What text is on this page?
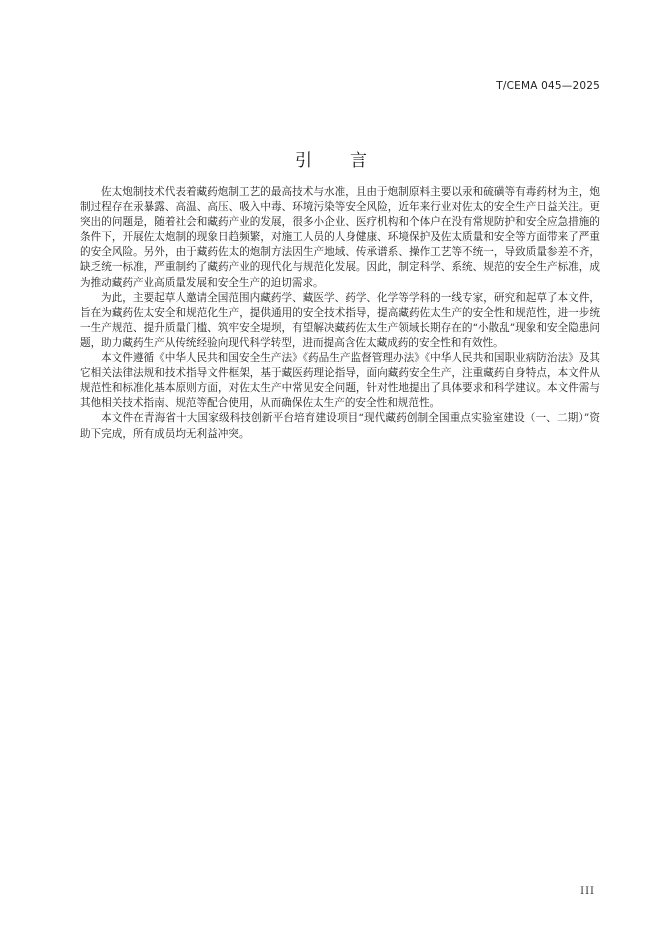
T/CEMA 045—2025
引言

佐太炮制技术代表着藏药炮制工艺的最高技术与水准，且由于炮制原料主要以汞和硫磺等有毒药材为主，炮制过程存在汞暴露、高温、高压、吸入中毒、环境污染等安全风险，近年来行业对佐太的安全生产日益关注。更突出的问题是，随着社会和藏药产业的发展，很多小企业、医疗机构和个体户在没有常规防护和安全应急措施的条件下，开展佐太炮制的现象日趋频繁，对施工人员的人身健康、环境保护及佐太质量和安全等方面带来了严重的安全风险。另外，由于藏药佐太的炮制方法因生产地域、传承谱系、操作工艺等不统一，导致质量参差不齐，缺乏统一标准，严重制约了藏药产业的现代化与规范化发展。因此，制定科学、系统、规范的安全生产标准，成为推动藏药产业高质量发展和安全生产的迫切需求。

为此，主要起草人邀请全国范围内藏药学、藏医学、药学、化学等学科的一线专家，研究和起草了本文件，旨在为藏药佐太安全和规范化生产，提供通用的安全技术指导，提高藏药佐太生产的安全性和规范性，进一步统一生产规范、提升质量门槛、筑牢安全堤坝，有望解决藏药佐太生产领域长期存在的“小散乱”现象和安全隐患问题，助力藏药生产从传统经验向现代科学转型，进而提高含佐太藏成药的安全性和有效性。

本文件遵循《中华人民共和国安全生产法》《药品生产监督管理办法》《中华人民共和国职业病防治法》及其它相关法律法规和技术指导文件框架，基于藏医药理论指导，面向藏药安全生产，注重藏药自身特点，本文件从规范性和标准化基本原则方面，对佐太生产中常见安全问题，针对性地提出了具体要求和科学建议。本文件需与其他相关技术指南、规范等配合使用，从而确保佐太生产的安全性和规范性。

本文件在青海省十大国家级科技创新平台培育建设项目“现代藏药创制全国重点实验室建设（一、二期）”资助下完成，所有成员均无利益冲突。

III
